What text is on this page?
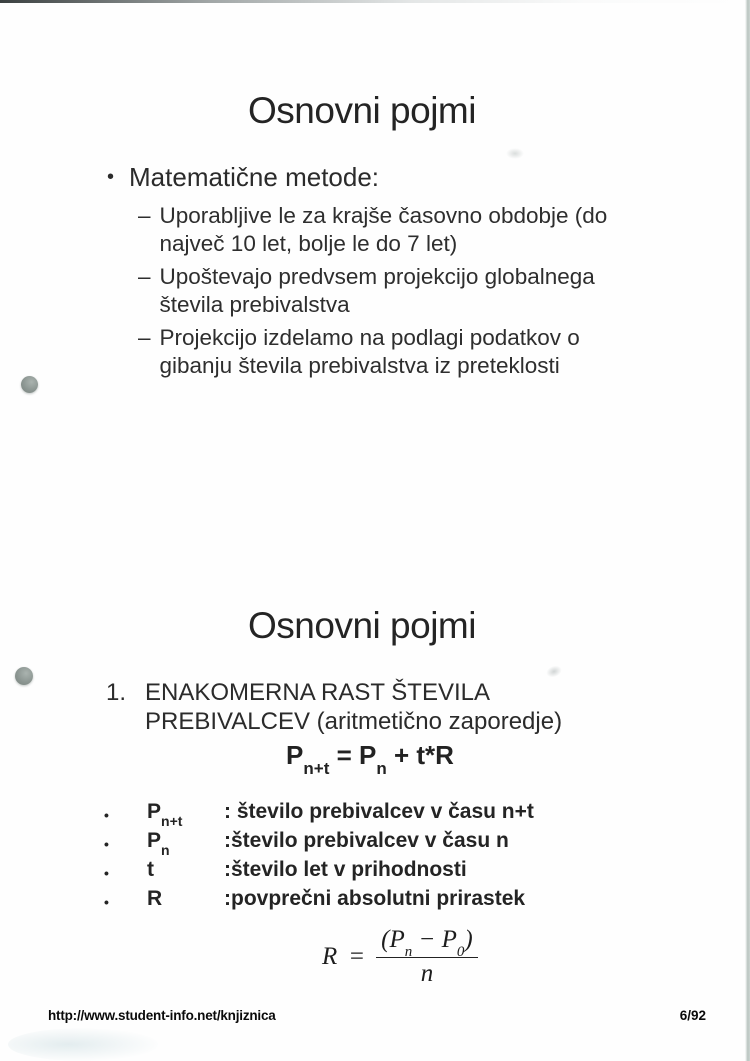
Osnovni pojmi
• Matematične metode:
– Uporabljive le za krajše časovno obdobje (do
največ 10 let, bolje le do 7 let)
– Upoštevajo predvsem projekcijo globalnega
števila prebivalstva
– Projekcijo izdelamo na podlagi podatkov o
gibanju števila prebivalstva iz preteklosti
Osnovni pojmi
1. ENAKOMERNA RAST ŠTEVILA
PREBIVALCEV (aritmetično zaporedje)
$P_{n+t} = P_n + t*R$
•	$P_{n+t}$	: število prebivalcev v času n+t
•	$P_n$	:število prebivalcev v času n
•	t	:število let v prihodnosti
•	R	:povprečni absolutni prirastek
$R = \frac{(P_n - P_0)}{n}$
http://www.student-info.net/knjiznica	6/92
